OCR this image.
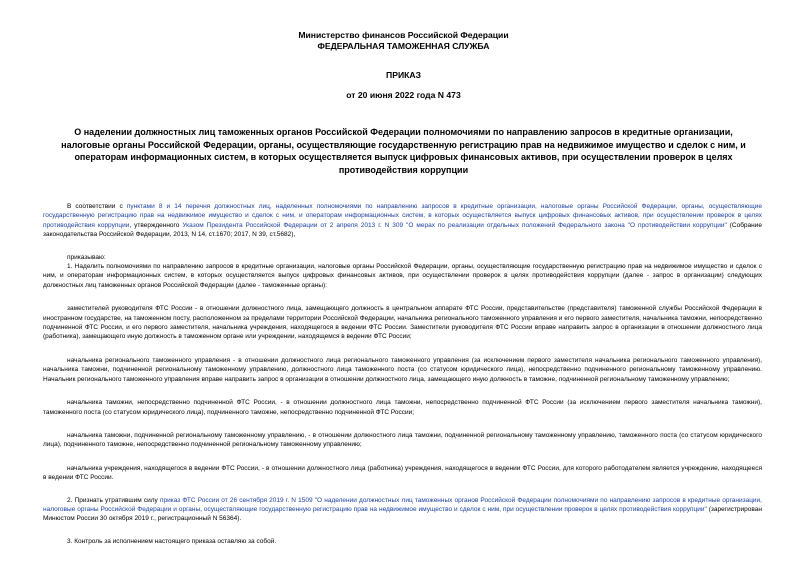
Министерство финансов Российской Федерации
ФЕДЕРАЛЬНАЯ ТАМОЖЕННАЯ СЛУЖБА
ПРИКАЗ
от 20 июня 2022 года N 473
О наделении должностных лиц таможенных органов Российской Федерации полномочиями по направлению запросов в кредитные организации, налоговые органы Российской Федерации, органы, осуществляющие государственную регистрацию прав на недвижимое имущество и сделок с ним, и операторам информационных систем, в которых осуществляется выпуск цифровых финансовых активов, при осуществлении проверок в целях противодействия коррупции
В соответствии с пунктами 8 и 14 перечня должностных лиц, наделенных полномочиями по направлению запросов в кредитные организации, налоговые органы Российской Федерации, органы, осуществляющие государственную регистрацию прав на недвижимое имущество и сделок с ним, и операторам информационных систем, в которых осуществляется выпуск цифровых финансовых активов, при осуществлении проверок в целях противодействия коррупции, утвержденного Указом Президента Российской Федерации от 2 апреля 2013 г. N 309 "О мерах по реализации отдельных положений Федерального закона "О противодействии коррупции" (Собрание законодательства Российской Федерации, 2013, N 14, ст.1670; 2017, N 39, ст.5682),
приказываю:
1. Наделить полномочиями по направлению запросов в кредитные организации, налоговые органы Российской Федерации, органы, осуществляющие государственную регистрацию прав на недвижимое имущество и сделок с ним, и операторам информационных систем, в которых осуществляется выпуск цифровых финансовых активов, при осуществлении проверок в целях противодействия коррупции (далее - запрос в организации) следующих должностных лиц таможенных органов Российской Федерации (далее - таможенные органы):
заместителей руководителя ФТС России - в отношении должностного лица, замещающего должность в центральном аппарате ФТС России, представительстве (представителя) таможенной службы Российской Федерации в иностранном государстве, на таможенном посту, расположенном за пределами территории Российской Федерации, начальника регионального таможенного управления и его первого заместителя, начальника таможни, непосредственно подчиненной ФТС России, и его первого заместителя, начальника учреждения, находящегося в ведении ФТС России. Заместители руководителя ФТС России вправе направить запрос в организации в отношении должностного лица (работника), замещающего иную должность в таможенном органе или учреждении, находящемся в ведении ФТС России;
начальника регионального таможенного управления - в отношении должностного лица регионального таможенного управления (за исключением первого заместителя начальника регионального таможенного управления), начальника таможни, подчиненной региональному таможенному управлению, должностного лица таможенного поста (со статусом юридического лица), непосредственно подчиненного региональному таможенному управлению. Начальник регионального таможенного управления вправе направить запрос в организации в отношении должностного лица, замещающего иную должность в таможне, подчиненной региональному таможенному управлению;
начальника таможни, непосредственно подчиненной ФТС России, - в отношении должностного лица таможни, непосредственно подчиненной ФТС России (за исключением первого заместителя начальника таможни), таможенного поста (со статусом юридического лица), подчиненного таможне, непосредственно подчиненной ФТС России;
начальника таможни, подчиненной региональному таможенному управлению, - в отношении должностного лица таможни, подчиненной региональному таможенному управлению, таможенного поста (со статусом юридического лица), подчиненного таможне, непосредственно подчиненной региональному таможенному управлению;
начальника учреждения, находящегося в ведении ФТС России, - в отношении должностного лица (работника) учреждения, находящегося в ведении ФТС России, для которого работодателем является учреждение, находящееся в ведении ФТС России.
2. Признать утратившим силу приказ ФТС России от 26 сентября 2019 г. N 1509 "О наделении должностных лиц таможенных органов Российской Федерации полномочиями по направлению запросов в кредитные организации, налоговые органы Российской Федерации и органы, осуществляющие государственную регистрацию прав на недвижимое имущество и сделок с ним, при осуществлении проверок в целях противодействия коррупции" (зарегистрирован Минюстом России 30 октября 2019 г., регистрационный N 56364).
3. Контроль за исполнением настоящего приказа оставляю за собой.
